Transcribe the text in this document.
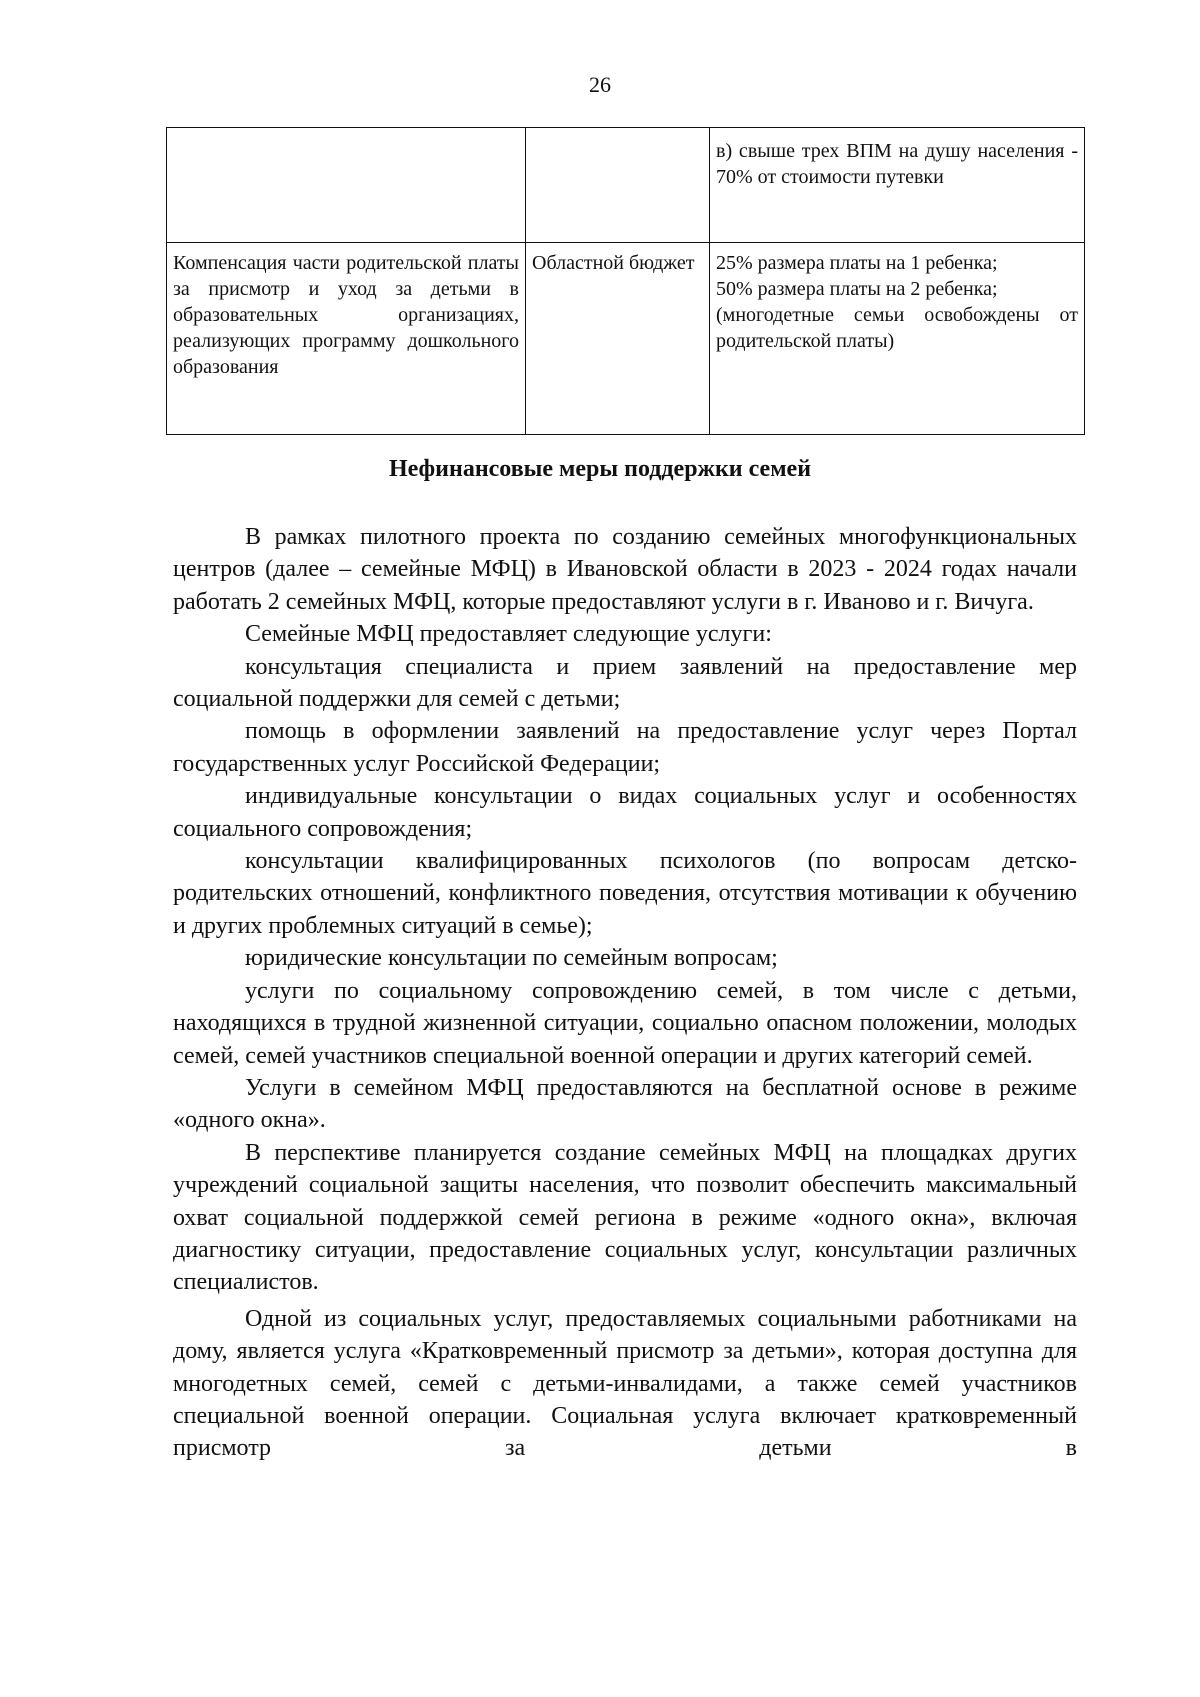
26

		в) свыше трех ВПМ на душу населения - 70% от стоимости путевки

Компенсация части родительской платы за присмотр и уход за детьми в образовательных организациях, реализующих программу дошкольного образования	Областной бюджет	25% размера платы на 1 ребенка;
50% размера платы на 2 ребенка;
(многодетные семьи освобождены от родительской платы)
Нефинансовые меры поддержки семей

В рамках пилотного проекта по созданию семейных многофункциональных центров (далее – семейные МФЦ) в Ивановской области в 2023 - 2024 годах начали работать 2 семейных МФЦ, которые предоставляют услуги в г. Иваново и г. Вичуга.

Семейные МФЦ предоставляет следующие услуги:

консультация специалиста и прием заявлений на предоставление мер социальной поддержки для семей с детьми;

помощь в оформлении заявлений на предоставление услуг через Портал государственных услуг Российской Федерации;

индивидуальные консультации о видах социальных услуг и особенностях социального сопровождения;

консультации квалифицированных психологов (по вопросам детско-родительских отношений, конфликтного поведения, отсутствия мотивации к обучению и других проблемных ситуаций в семье);

юридические консультации по семейным вопросам;

услуги по социальному сопровождению семей, в том числе с детьми, находящихся в трудной жизненной ситуации, социально опасном положении, молодых семей, семей участников специальной военной операции и других категорий семей.

Услуги в семейном МФЦ предоставляются на бесплатной основе в режиме «одного окна».

В перспективе планируется создание семейных МФЦ на площадках других учреждений социальной защиты населения, что позволит обеспечить максимальный охват социальной поддержкой семей региона в режиме «одного окна», включая диагностику ситуации, предоставление социальных услуг, консультации различных специалистов.

Одной из социальных услуг, предоставляемых социальными работниками на дому, является услуга «Кратковременный присмотр за детьми», которая доступна для многодетных семей, семей с детьми-инвалидами, а также семей участников специальной военной операции. Социальная услуга включает кратковременный присмотр за детьми в
